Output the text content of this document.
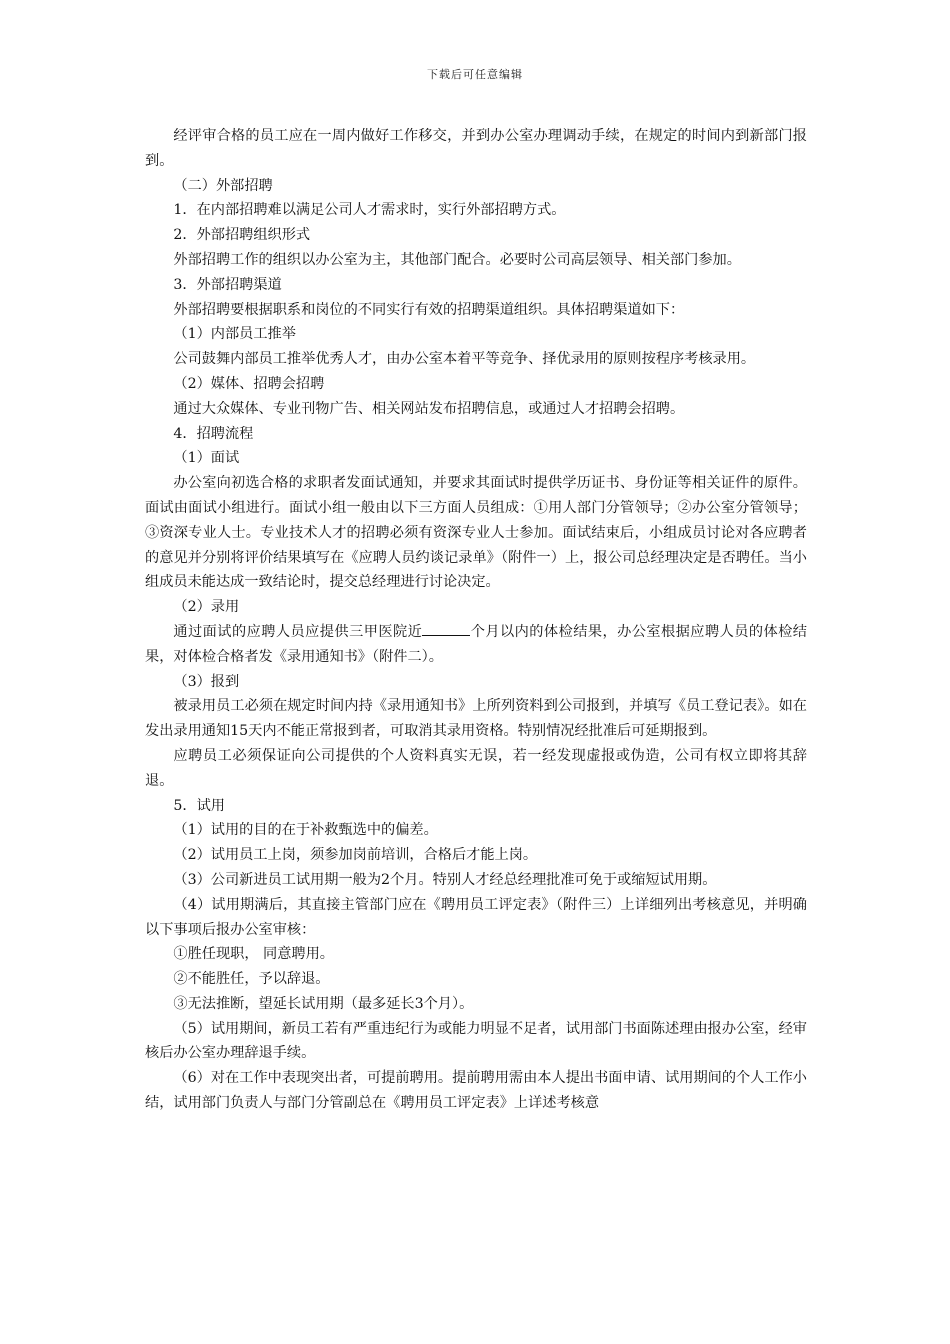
下载后可任意编辑

经评审合格的员工应在一周内做好工作移交，并到办公室办理调动手续，在规定的时间内到新部门报到。

（二）外部招聘

1．在内部招聘难以满足公司人才需求时，实行外部招聘方式。

2．外部招聘组织形式

外部招聘工作的组织以办公室为主，其他部门配合。必要时公司高层领导、相关部门参加。

3．外部招聘渠道

外部招聘要根据职系和岗位的不同实行有效的招聘渠道组织。具体招聘渠道如下：

（1）内部员工推举

公司鼓舞内部员工推举优秀人才，由办公室本着平等竞争、择优录用的原则按程序考核录用。

（2）媒体、招聘会招聘

通过大众媒体、专业刊物广告、相关网站发布招聘信息，或通过人才招聘会招聘。

4．招聘流程

（1）面试

办公室向初选合格的求职者发面试通知，并要求其面试时提供学历证书、身份证等相关证件的原件。面试由面试小组进行。面试小组一般由以下三方面人员组成：①用人部门分管领导；②办公室分管领导；③资深专业人士。专业技术人才的招聘必须有资深专业人士参加。面试结束后，小组成员讨论对各应聘者的意见并分别将评价结果填写在《应聘人员约谈记录单》（附件一）上，报公司总经理决定是否聘任。当小组成员未能达成一致结论时，提交总经理进行讨论决定。

（2）录用

通过面试的应聘人员应提供三甲医院近	个月以内的体检结果，办公室根据应聘人员的体检结果，对体检合格者发《录用通知书》（附件二）。

（3）报到

被录用员工必须在规定时间内持《录用通知书》上所列资料到公司报到，并填写《员工登记表》。如在发出录用通知15天内不能正常报到者，可取消其录用资格。特别情况经批准后可延期报到。

应聘员工必须保证向公司提供的个人资料真实无误，若一经发现虚报或伪造，公司有权立即将其辞退。

5．试用

（1）试用的目的在于补救甄选中的偏差。

（2）试用员工上岗，须参加岗前培训，合格后才能上岗。

（3）公司新进员工试用期一般为2个月。特别人才经总经理批准可免于或缩短试用期。

（4）试用期满后，其直接主管部门应在《聘用员工评定表》（附件三）上详细列出考核意见，并明确以下事项后报办公室审核：

①胜任现职， 同意聘用。

②不能胜任，予以辞退。

③无法推断，望延长试用期（最多延长3个月）。

（5）试用期间，新员工若有严重违纪行为或能力明显不足者，试用部门书面陈述理由报办公室，经审核后办公室办理辞退手续。

（6）对在工作中表现突出者，可提前聘用。提前聘用需由本人提出书面申请、试用期间的个人工作小结，试用部门负责人与部门分管副总在《聘用员工评定表》上详述考核意
